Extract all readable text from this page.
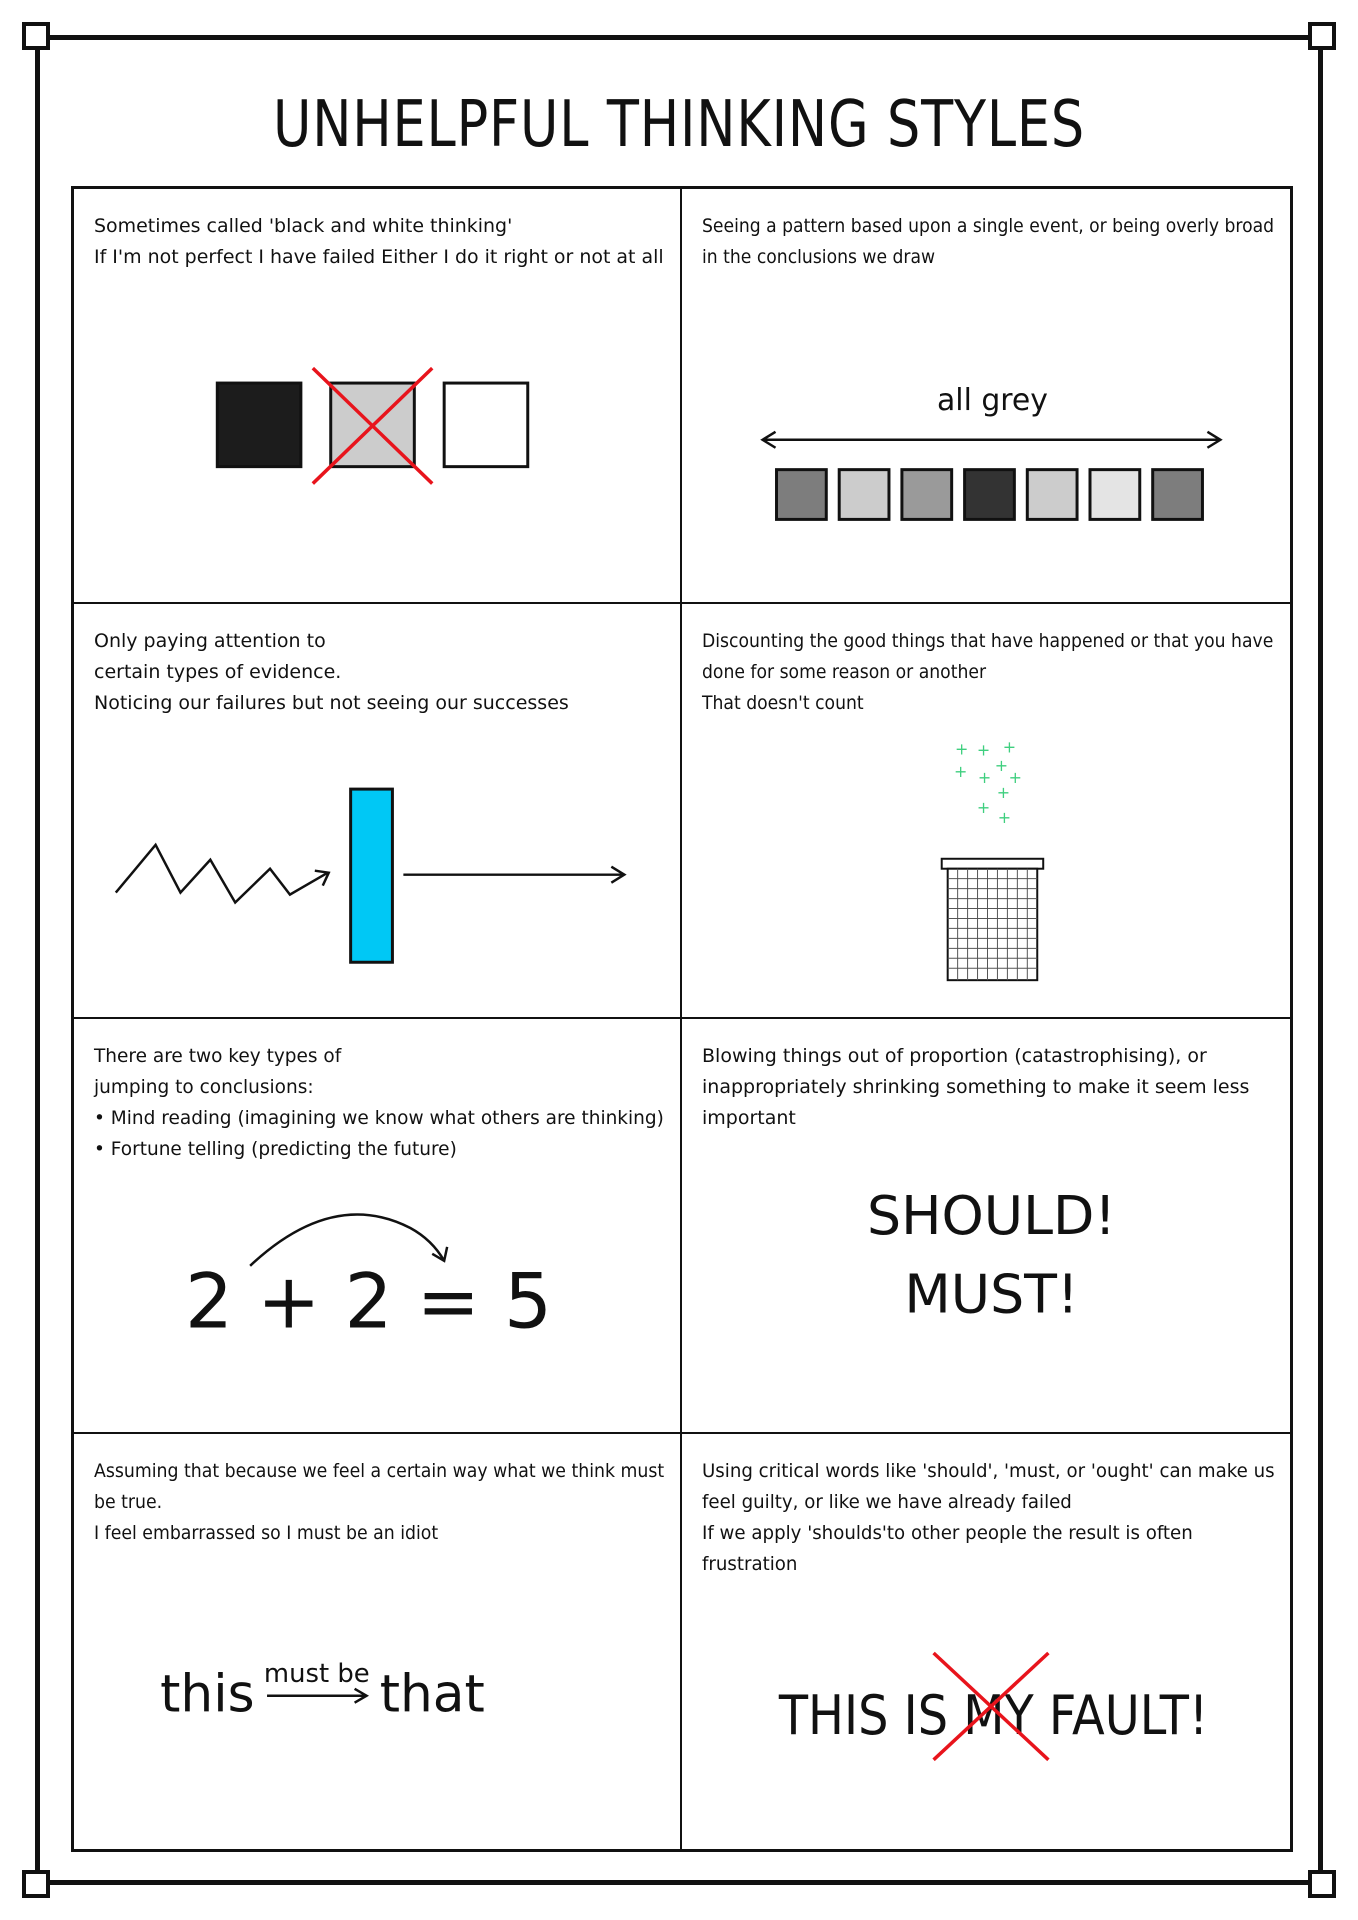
UNHELPFUL THINKING STYLES
Sometimes called 'black and white thinking'
If I'm not perfect I have failed Either I do it right or not at all
Seeing a pattern based upon a single event, or being overly broad
in the conclusions we draw
all grey
Only paying attention to
certain types of evidence.
Noticing our failures but not seeing our successes
Discounting the good things that have happened or that you have
done for some reason or another
That doesn't count
+ + +
+ +
+ +
+
+
+
There are two key types of
jumping to conclusions:
• Mind reading (imagining we know what others are thinking)
• Fortune telling (predicting the future)
2 + 2 = 5
Blowing things out of proportion (catastrophising), or
inappropriately shrinking something to make it seem less
important
SHOULD!
MUST!
Assuming that because we feel a certain way what we think must
be true.
I feel embarrassed so I must be an idiot
this must be that
Using critical words like 'should', 'must, or 'ought' can make us
feel guilty, or like we have already failed
If we apply 'shoulds'to other people the result is often
frustration
THIS IS FAULT!
